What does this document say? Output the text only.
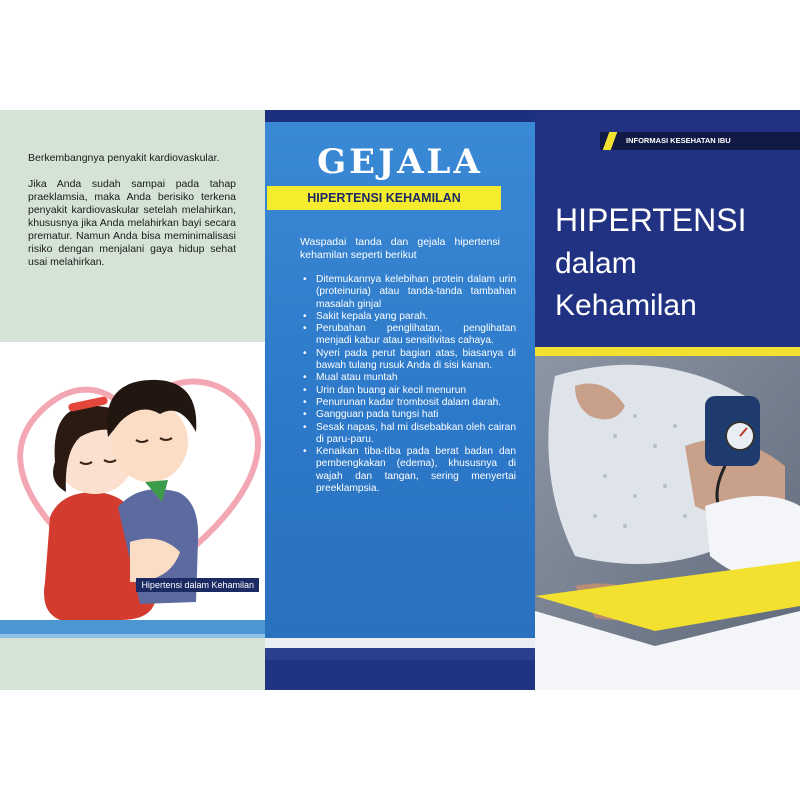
Berkembangnya penyakit kardiovaskular.

Jika Anda sudah sampai pada tahap praeklamsia, maka Anda berisiko terkena penyakit kardiovaskular setelah melahirkan, khususnya jika Anda melahirkan bayi secara prematur. Namun Anda bisa meminimalisasi risiko dengan menjalani gaya hidup sehat usai melahirkan.

Hipertensi dalam Kehamilan
GEJALA
HIPERTENSI KEHAMILAN
Waspadai tanda dan gejala hipertensi kehamilan seperti berikut
• Ditemukannya kelebihan protein dalam urin (proteinuria) atau tanda-tanda tambahan masalah ginjal
• Sakit kepala yang parah.
• Perubahan penglihatan, penglihatan menjadi kabur atau sensitivitas cahaya.
• Nyeri pada perut bagian atas, biasanya di bawah tulang rusuk Anda di sisi kanan.
• Mual atau muntah
• Urin dan buang air kecil menurun
• Penurunan kadar trombosit dalam darah.
• Gangguan pada tungsi hati
• Sesak napas, hal mi disebabkan oleh cairan di paru-paru.
• Kenaikan tiba-tiba pada berat badan dan pembengkakan (edema), khususnya di wajah dan tangan, sering menyertai preeklampsia.
INFORMASI KESEHATAN IBU
HIPERTENSI
dalam
Kehamilan
